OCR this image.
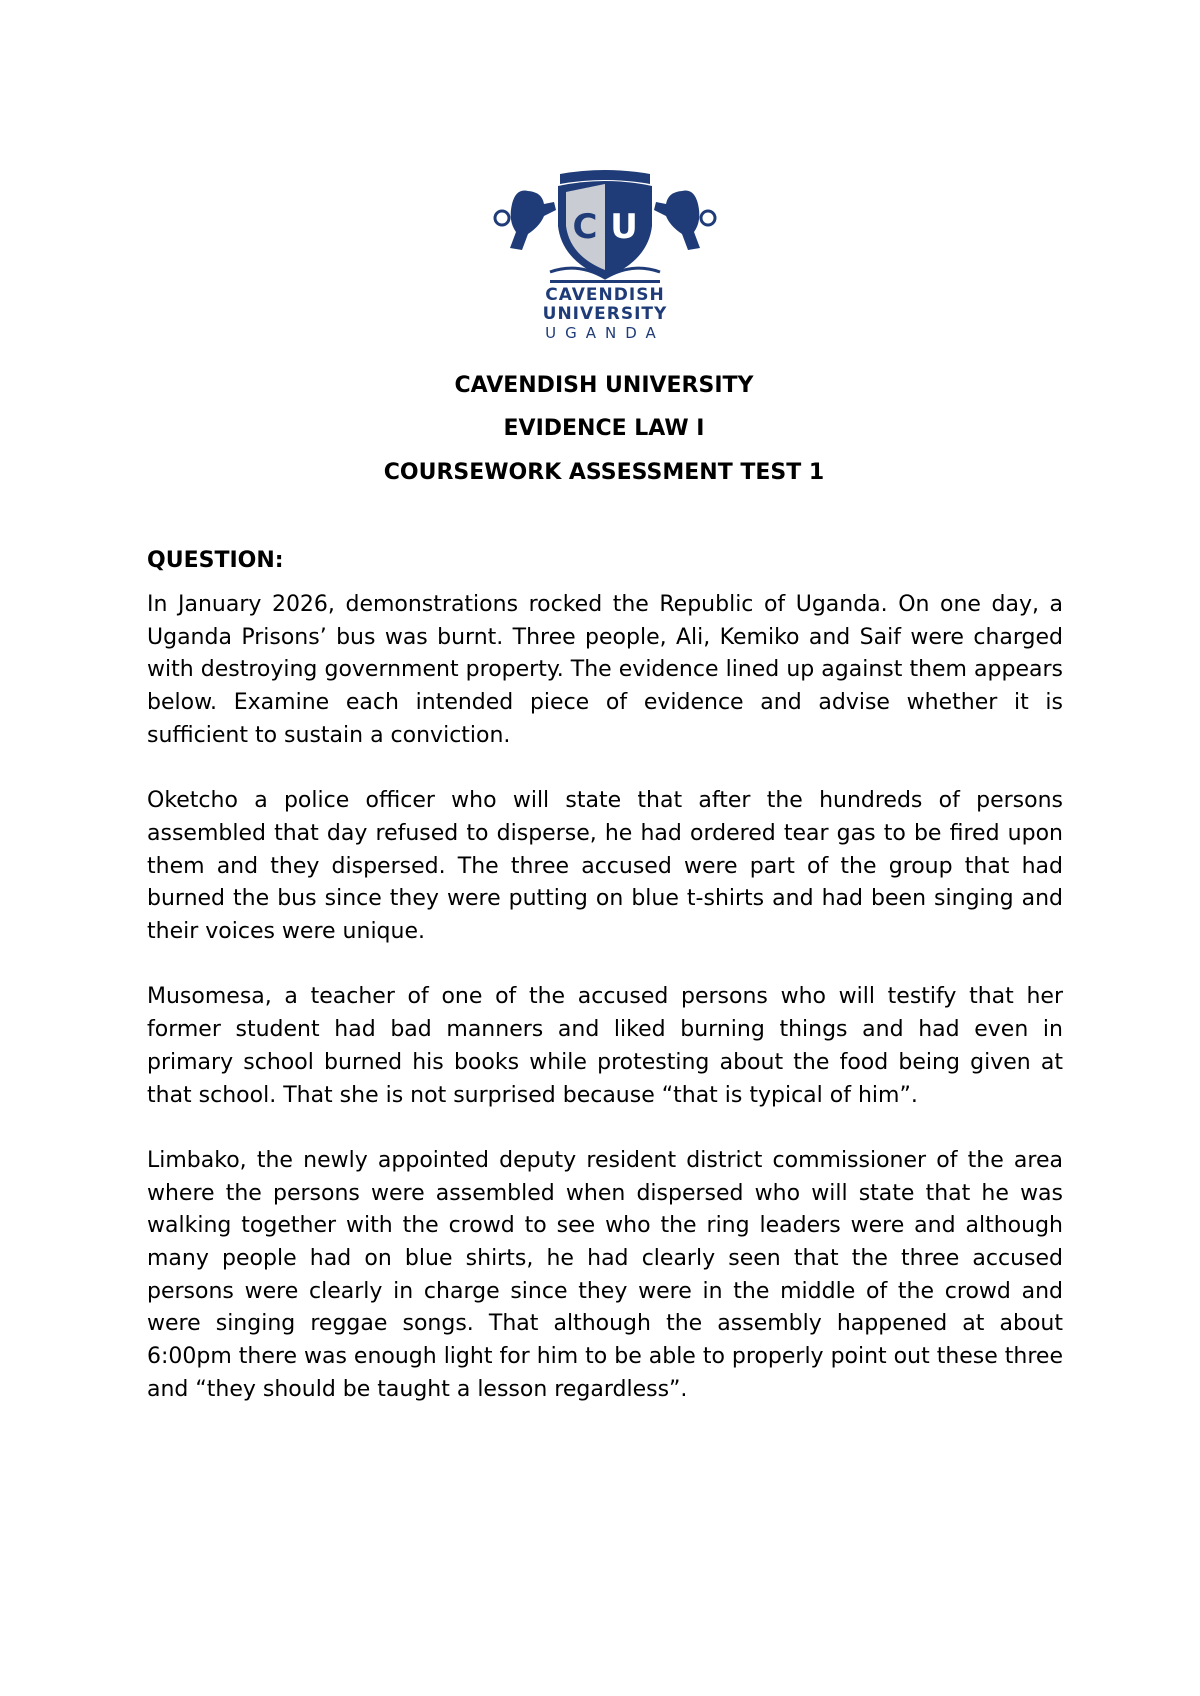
C U
CAVENDISH
UNIVERSITY
UGANDA
CAVENDISH UNIVERSITY
EVIDENCE LAW I
COURSEWORK ASSESSMENT TEST 1
QUESTION:

In January 2026, demonstrations rocked the Republic of Uganda. On one day, a Uganda Prisons’ bus was burnt. Three people, Ali, Kemiko and Saif were charged with destroying government property. The evidence lined up against them appears below. Examine each intended piece of evidence and advise whether it is sufficient to sustain a conviction.

Oketcho a police officer who will state that after the hundreds of persons assembled that day refused to disperse, he had ordered tear gas to be fired upon them and they dispersed. The three accused were part of the group that had burned the bus since they were putting on blue t-shirts and had been singing and their voices were unique.

Musomesa, a teacher of one of the accused persons who will testify that her former student had bad manners and liked burning things and had even in primary school burned his books while protesting about the food being given at that school. That she is not surprised because “that is typical of him”.

Limbako, the newly appointed deputy resident district commissioner of the area where the persons were assembled when dispersed who will state that he was walking together with the crowd to see who the ring leaders were and although many people had on blue shirts, he had clearly seen that the three accused persons were clearly in charge since they were in the middle of the crowd and were singing reggae songs. That although the assembly happened at about 6:00pm there was enough light for him to be able to properly point out these three and “they should be taught a lesson regardless”.
